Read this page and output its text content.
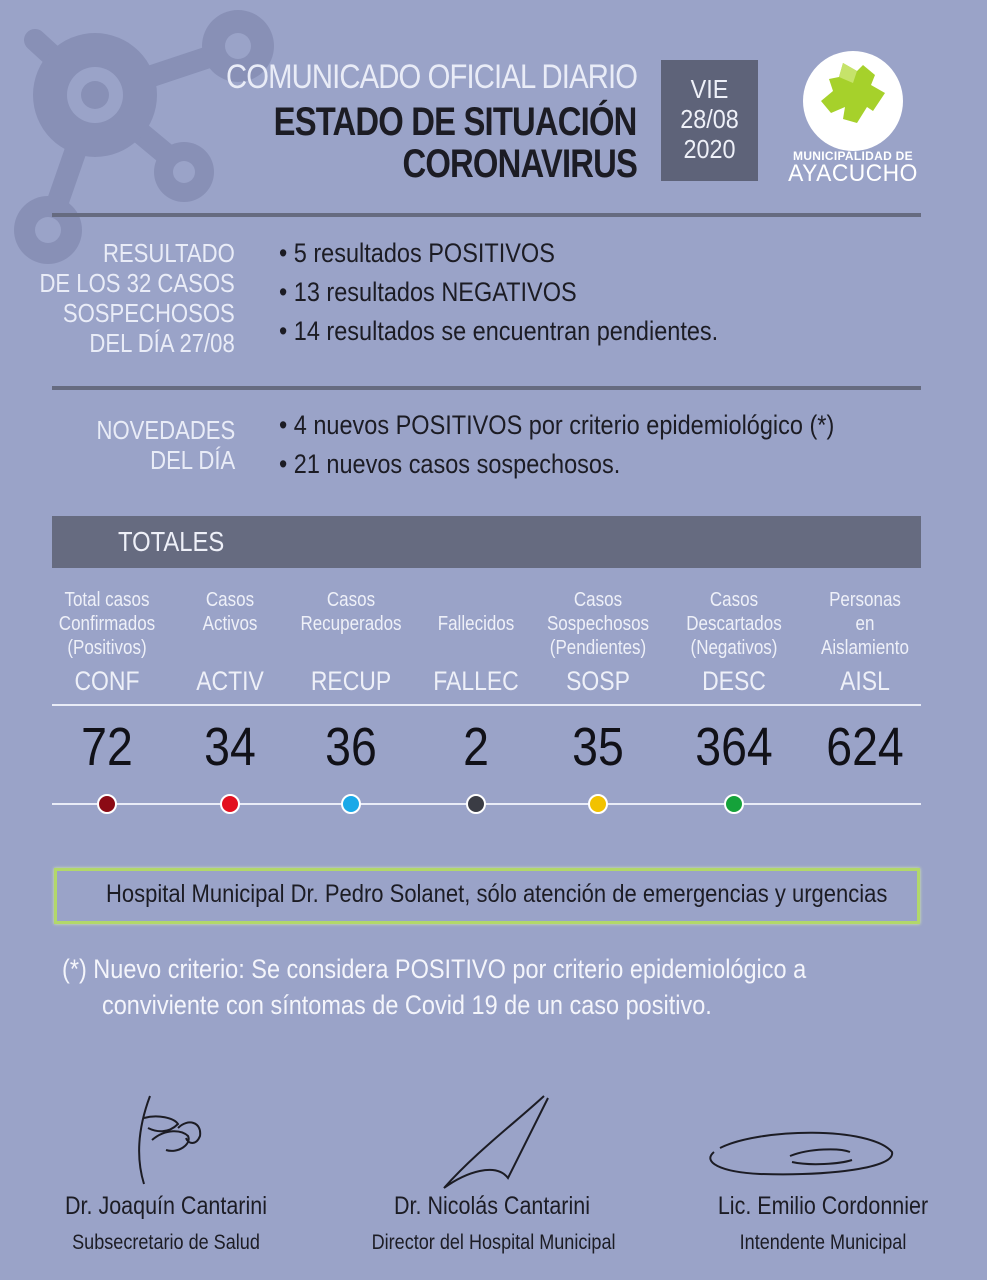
COMUNICADO OFICIAL DIARIO
ESTADO DE SITUACIÓN
CORONAVIRUS
VIE
28/08
2020	MUNICIPALIDAD DE
AYACUCHO
RESULTADO
DE LOS 32 CASOS
SOSPECHOSOS
DEL DÍA 27/08
• 5 resultados POSITIVOS
• 13 resultados NEGATIVOS
• 14 resultados se encuentran pendientes.
NOVEDADES
DEL DÍA
• 4 nuevos POSITIVOS por criterio epidemiológico (*)
• 21 nuevos casos sospechosos.
TOTALES
Total casos
Confirmados
(Positivos)
CONF
72
Casos
Activos
ACTIV
34
Casos
Recuperados
RECUP
36
Fallecidos
FALLEC
2
Casos
Sospechosos
(Pendientes)
SOSP
35
Casos
Descartados
(Negativos)
DESC
364
Personas
en
Aislamiento
AISL
624
Hospital Municipal Dr. Pedro Solanet, sólo atención de emergencias y urgencias
(*) Nuevo criterio: Se considera POSITIVO por criterio epidemiológico a
conviviente con síntomas de Covid 19 de un caso positivo.
Dr. Joaquín Cantarini
Subsecretario de Salud
Dr. Nicolás Cantarini
Director del Hospital Municipal
Lic. Emilio Cordonnier
Intendente Municipal
